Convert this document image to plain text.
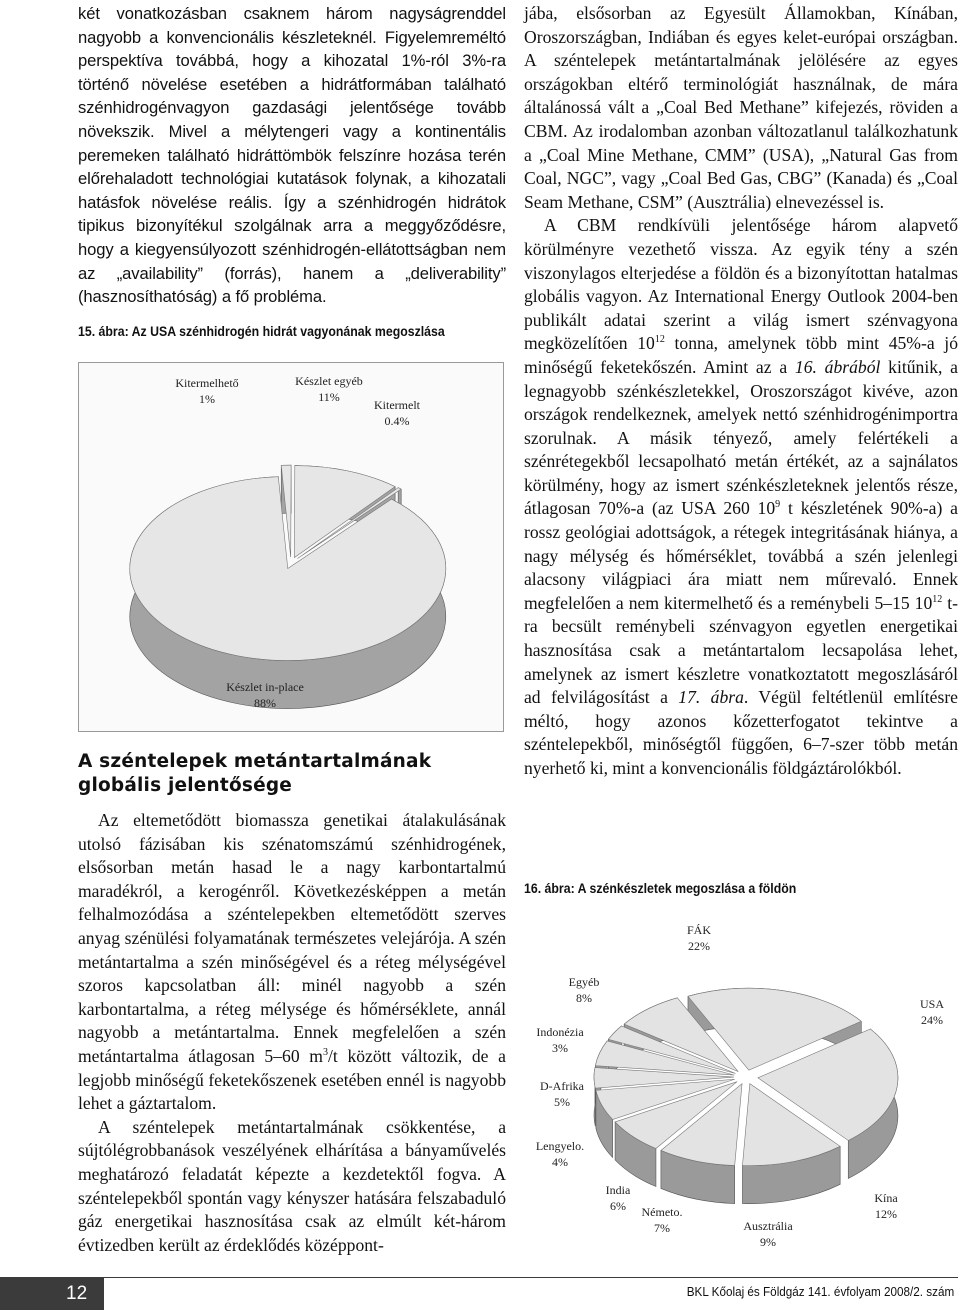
két vonatkozásban csaknem három nagyságrenddel nagyobb a konvencionális készleteknél. Figyelemreméltó perspektíva továbbá, hogy a kihozatal 1%-ról 3%-ra történő növelése esetében a hidrátformában található szénhidrogénvagyon gazdasági jelentősége tovább növekszik. Mivel a mélytengeri vagy a kontinentális peremeken található hidráttömbök felszínre hozása terén előrehaladott technológiai kutatások folynak, a kihozatali hatásfok növelése reális. Így a szénhidrogén hidrátok tipikus bizonyítékul szolgálnak arra a meggyőződésre, hogy a kiegyensúlyozott szénhidrogén-ellátottságban nem az „availability” (forrás), hanem a „deliverability” (hasznosíthatóság) a fő probléma.

15. ábra: Az USA szénhidrogén hidrát vagyonának megoszlása
Kitermelhető
1%
Készlet egyéb
11%
Kitermelt
0.4%
Készlet in-place
88%
A széntelepek metántartalmának globális jelentősége

Az eltemetődött biomassza genetikai átalakulásának utolsó fázisában kis szénatomszámú szénhidrogének, elsősorban metán hasad le a nagy karbontartalmú maradékról, a kerogénről. Következésképpen a metán felhalmozódása a széntelepekben eltemetődött szerves anyag szénülési folyamatának természetes velejárója. A szén metántartalma a szén minőségével és a réteg mélységével szoros kapcsolatban áll: minél nagyobb a szén karbontartalma, a réteg mélysége és hőmérséklete, annál nagyobb a metántartalma. Ennek megfelelően a szén metántartalma átlagosan 5–60 $m^3/t$ között változik, de a legjobb minőségű feketekőszenek esetében ennél is nagyobb lehet a gáztartalom.

A széntelepek metántartalmának csökkentése, a sújtólégrobbanások veszélyének elhárítása a bányaművelés meghatározó feladatát képezte a kezdetektől fogva. A széntelepekből spontán vagy kényszer hatására felszabaduló gáz energetikai hasznosítása csak az elmúlt két-három évtizedben került az érdeklődés középpont-

jába, elsősorban az Egyesült Államokban, Kínában, Oroszországban, Indiában és egyes kelet-európai országban. A széntelepek metántartalmának jelölésére az egyes országokban eltérő terminológiát használnak, de mára általánossá vált a „Coal Bed Methane” kifejezés, röviden a CBM. Az irodalomban azonban változatlanul találkozhatunk a „Coal Mine Methane, CMM” (USA), „Natural Gas from Coal, NGC”, vagy „Coal Bed Gas, CBG” (Kanada) és „Coal Seam Methane, CSM” (Ausztrália) elnevezéssel is.

A CBM rendkívüli jelentősége három alapvető körülményre vezethető vissza. Az egyik tény a szén viszonylagos elterjedése a földön és a bizonyítottan hatalmas globális vagyon. Az International Energy Outlook 2004-ben publikált adatai szerint a világ ismert szénvagyona megközelítően $10^{12}$ tonna, amelynek több mint 45%-a jó minőségű feketekőszén. Amint az a 16. ábrából kitűnik, a legnagyobb szénkészletekkel, Oroszországot kivéve, azon országok rendelkeznek, amelyek nettó szénhidrogénimportra szorulnak. A másik tényező, amely felértékeli a szénrétegekből lecsapolható metán értékét, az a sajnálatos körülmény, hogy az ismert szénkészleteknek jelentős része, átlagosan 70%-a (az USA 260 $10^9$ t készletének 90%-a) a rossz geológiai adottságok, a rétegek integritásának hiánya, a nagy mélység és hőmérséklet, továbbá a szén jelenlegi alacsony világpiaci ára miatt nem műrevaló. Ennek megfelelően a nem kitermelhető és a reménybeli 5–15 $10^{12}$ t-ra becsült reménybeli szénvagyon egyetlen energetikai hasznosítása csak a metántartalom lecsapolása lehet, amelynek az ismert készletre vonatkoztatott megoszlásáról ad felvilágosítást a 17. ábra. Végül feltétlenül említésre méltó, hogy azonos kőzetterfogatot tekintve a széntelepekből, minőségtől függően, 6–7-szer több metán nyerhető ki, mint a konvencionális földgáztárolókból.

16. ábra: A szénkészletek megoszlása a földön
FÁK
22%
USA
24%
Kína
12%
Ausztrália
9%
Németo.
7%
India
6%
Lengyelo.
4%
D-Afrika
5%
Indonézia
3%
Egyéb
8%
12	BKL Kőolaj és Földgáz 141. évfolyam 2008/2. szám
